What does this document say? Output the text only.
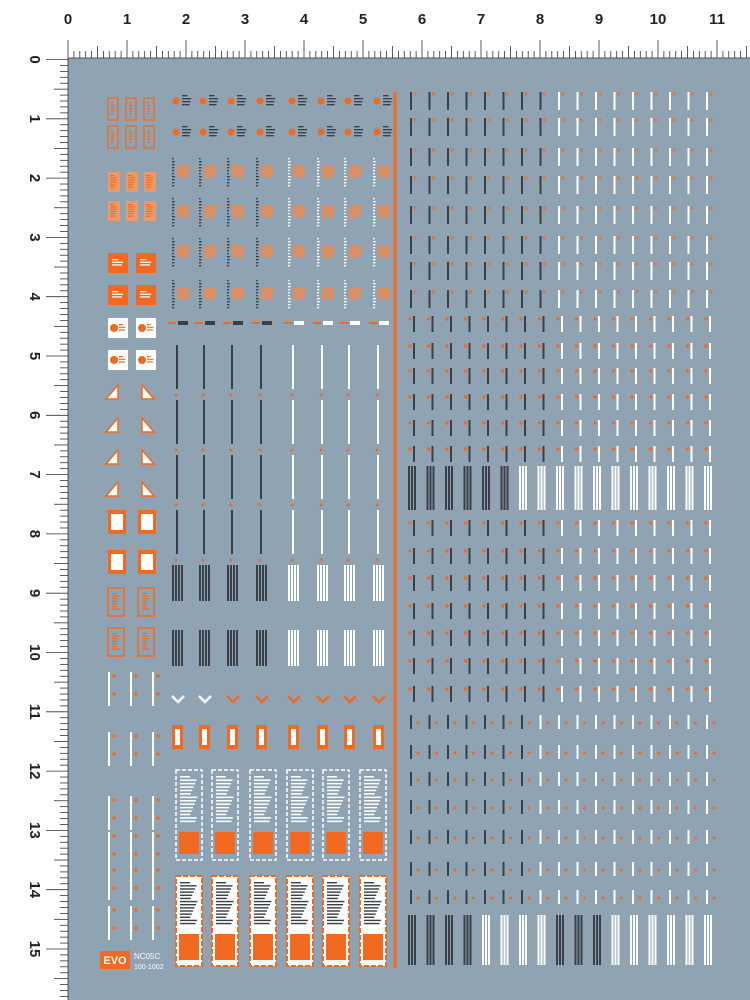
0	1	2	3	4	5	6	7	8	9	10	11
0
1
2
3
4
5
6
7
8
9
10
11
12
13
14
15
EVO NC05C
100-1002
